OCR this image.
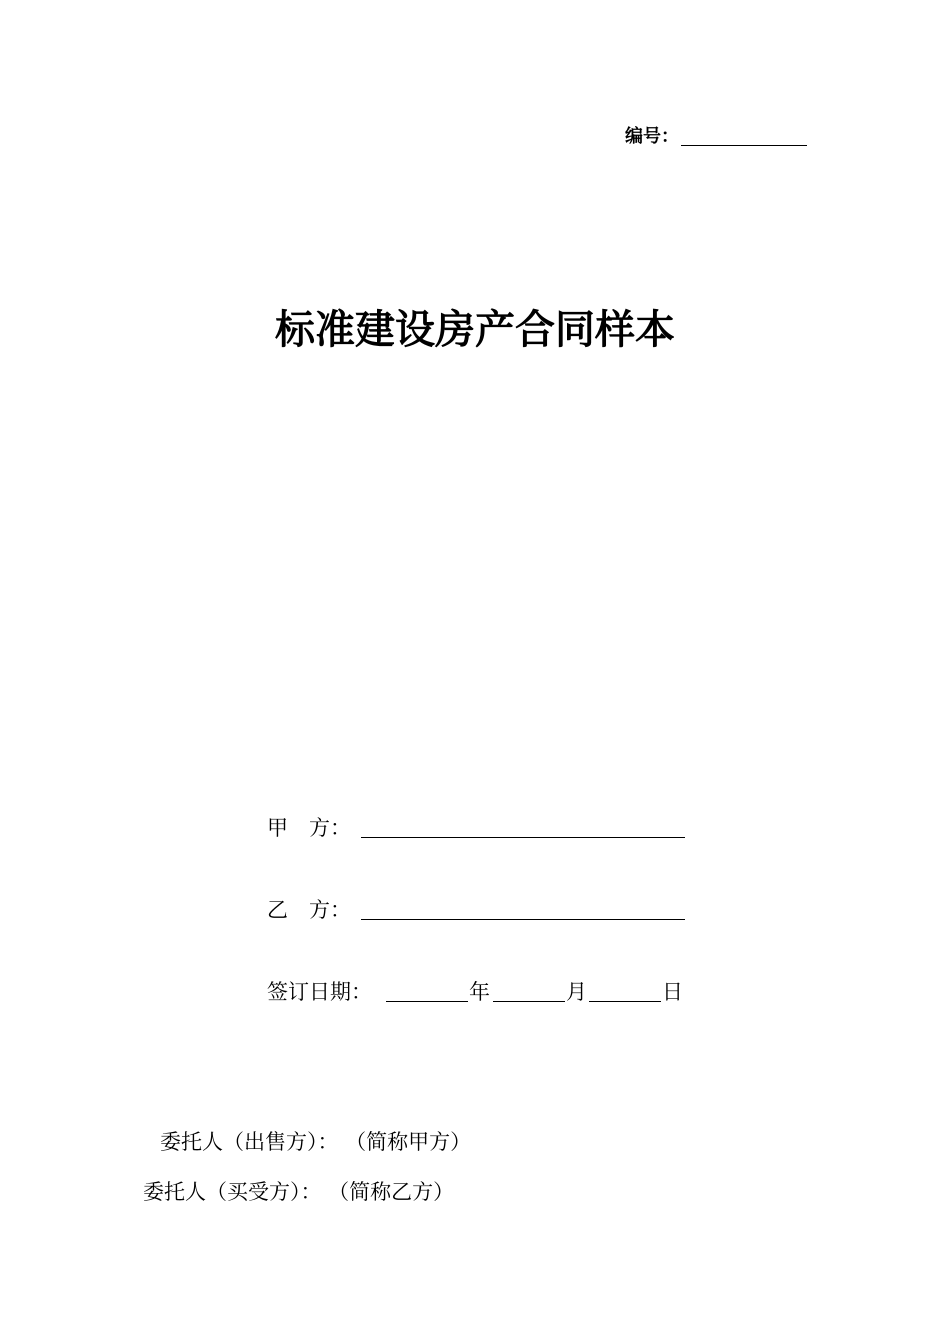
编号：
标准建设房产合同样本
甲　方：
乙　方：
签订日期：	年	月	日
委托人（出售方）： （简称甲方）
委托人（买受方）： （简称乙方）
